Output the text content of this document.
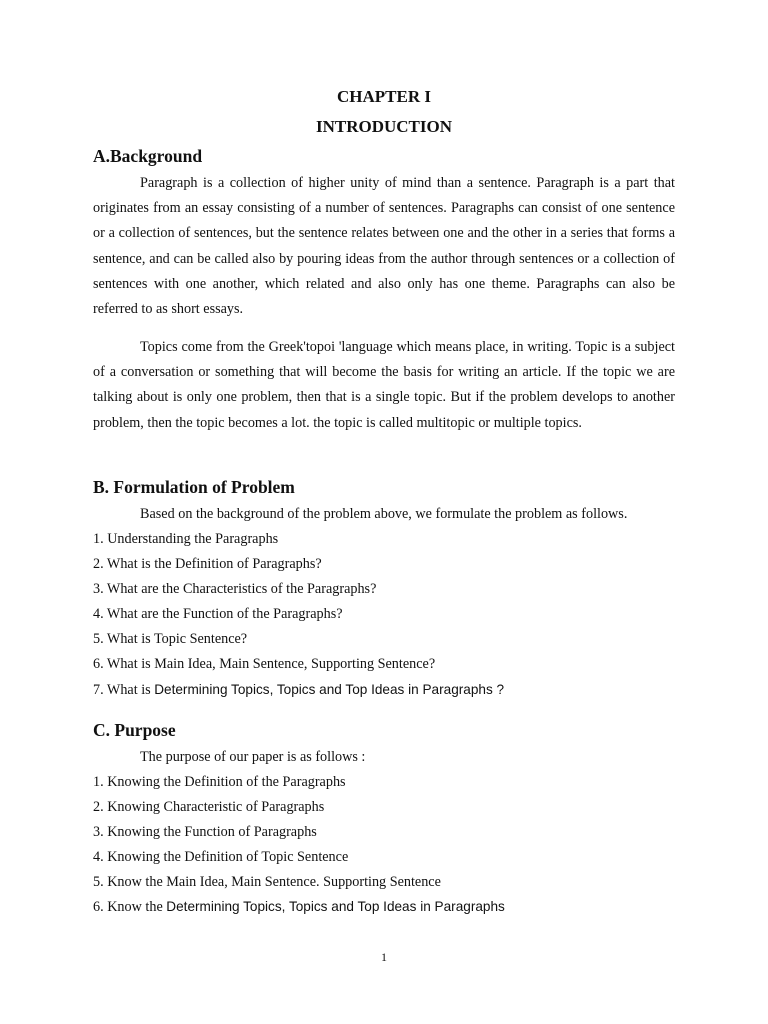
CHAPTER I
INTRODUCTION
A.Background
Paragraph is a collection of higher unity of mind than a sentence. Paragraph is a part that originates from an essay consisting of a number of sentences. Paragraphs can consist of one sentence or a collection of sentences, but the sentence relates between one and the other in a series that forms a sentence, and can be called also by pouring ideas from the author through sentences or a collection of sentences with one another, which related and also only has one theme. Paragraphs can also be referred to as short essays.
Topics come from the Greek'topoi 'language which means place, in writing. Topic is a subject of a conversation or something that will become the basis for writing an article. If the topic we are talking about is only one problem, then that is a single topic. But if the problem develops to another problem, then the topic becomes a lot. the topic is called multitopic or multiple topics.
B. Formulation of Problem
Based on the background of the problem above, we formulate the problem as follows.
1. Understanding the Paragraphs
2. What is the Definition of Paragraphs?
3. What are the Characteristics of the Paragraphs?
4. What are the Function of the Paragraphs?
5. What is Topic Sentence?
6. What is Main Idea, Main Sentence, Supporting Sentence?
7. What is Determining Topics, Topics and Top Ideas in Paragraphs ?
C. Purpose
The purpose of our paper is as follows :
1. Knowing the Definition of the Paragraphs
2. Knowing Characteristic of Paragraphs
3. Knowing the Function of Paragraphs
4. Knowing the Definition of Topic Sentence
5. Know the Main Idea, Main Sentence. Supporting Sentence
6. Know the Determining Topics, Topics and Top Ideas in Paragraphs
1
